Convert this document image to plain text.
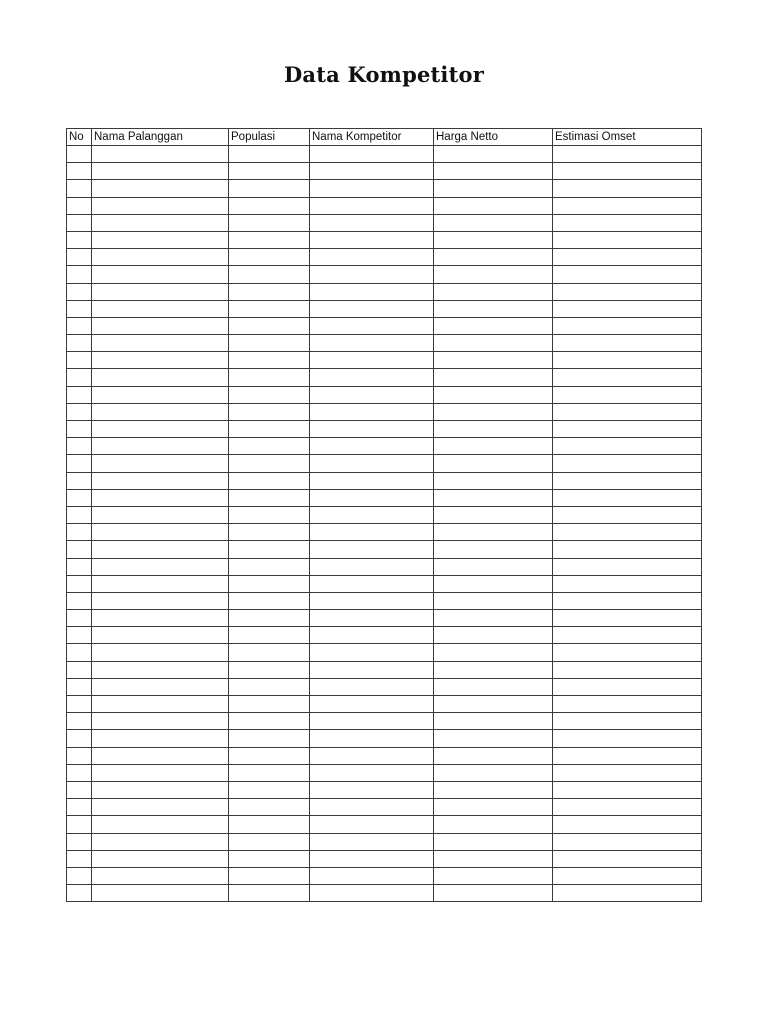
Data Kompetitor
No	Nama Palanggan	Populasi	Nama Kompetitor	Harga Netto	Estimasi Omset
